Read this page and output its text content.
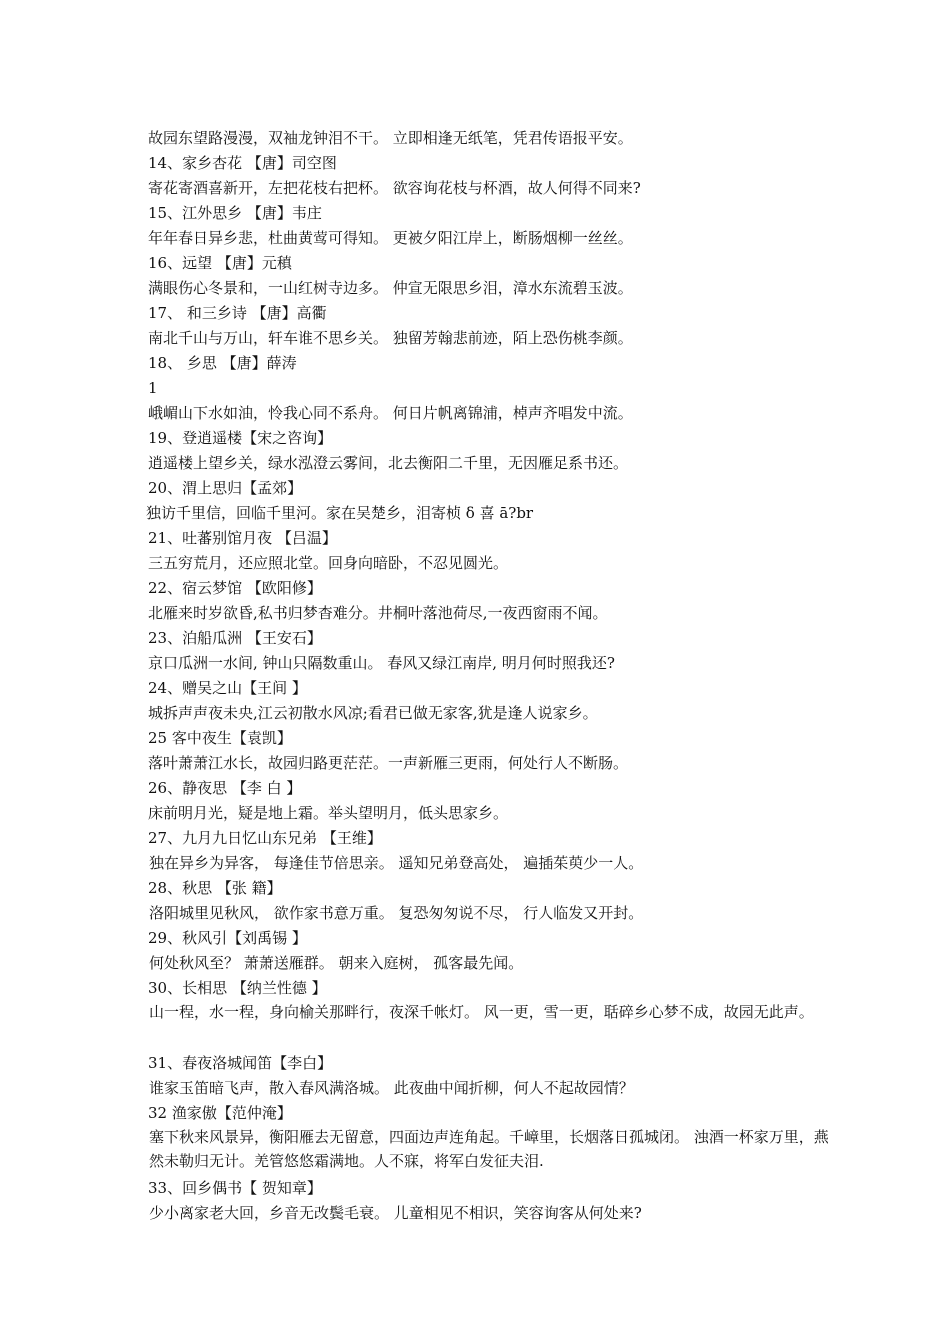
故园东望路漫漫，双袖龙钟泪不干。 立即相逢无纸笔，凭君传语报平安。
14、家乡杏花 【唐】司空图
寄花寄酒喜新开，左把花枝右把杯。 欲容询花枝与杯酒，故人何得不同来?
15、江外思乡 【唐】韦庄
年年春日异乡悲，杜曲黄莺可得知。 更被夕阳江岸上，断肠烟柳一丝丝。
16、远望 【唐】元稹
满眼伤心冬景和，一山红树寺边多。 仲宣无限思乡泪，漳水东流碧玉波。
17、 和三乡诗 【唐】高衢
南北千山与万山，轩车谁不思乡关。 独留芳翰悲前迹，陌上恐伤桃李颜。
18、 乡思 【唐】薛涛
1
峨嵋山下水如油，怜我心同不系舟。 何日片帆离锦浦，棹声齐唱发中流。
19、登逍遥楼【宋之咨询】
逍遥楼上望乡关，绿水泓澄云雾间，北去衡阳二千里，无因雁足系书还。
20、渭上思归【孟郊】
独访千里信，回临千里河。家在吴楚乡，泪寄桢 δ 喜 ā?br
21、吐蕃别馆月夜 【吕温】
三五穷荒月，还应照北堂。回身向暗卧，不忍见圆光。
22、宿云梦馆 【欧阳修】
北雁来时岁欲昏,私书归梦杳难分。井桐叶落池荷尽,一夜西窗雨不闻。
23、泊船瓜洲 【王安石】
京口瓜洲一水间, 钟山只隔数重山。 春风又绿江南岸, 明月何时照我还?
24、赠吴之山【王间 】
城拆声声夜未央,江云初散水风凉;看君已做无家客,犹是逢人说家乡。
25 客中夜生【袁凯】
落叶萧萧江水长，故园归路更茫茫。一声新雁三更雨，何处行人不断肠。
26、静夜思 【李 白 】
床前明月光，疑是地上霜。举头望明月，低头思家乡。
27、九月九日忆山东兄弟 【王维】
独在异乡为异客， 每逢佳节倍思亲。 遥知兄弟登高处， 遍插茱萸少一人。
28、秋思 【张 籍】
洛阳城里见秋风， 欲作家书意万重。 复恐匆匆说不尽， 行人临发又开封。
29、秋风引【刘禹锡 】
何处秋风至？ 萧萧送雁群。 朝来入庭树， 孤客最先闻。
30、长相思 【纳兰性德 】
山一程，水一程，身向榆关那畔行，夜深千帐灯。 风一更，雪一更，聒碎乡心梦不成，故园无此声。
31、春夜洛城闻笛【李白】
谁家玉笛暗飞声，散入春风满洛城。 此夜曲中闻折柳，何人不起故园情？
32 渔家傲【范仲淹】
塞下秋来风景异，衡阳雁去无留意，四面边声连角起。千嶂里，长烟落日孤城闭。 浊酒一杯家万里，燕然未勒归无计。羌管悠悠霜满地。人不寐，将军白发征夫泪.
33、回乡偶书【 贺知章】
少小离家老大回，乡音无改鬓毛衰。 儿童相见不相识，笑容询客从何处来?
